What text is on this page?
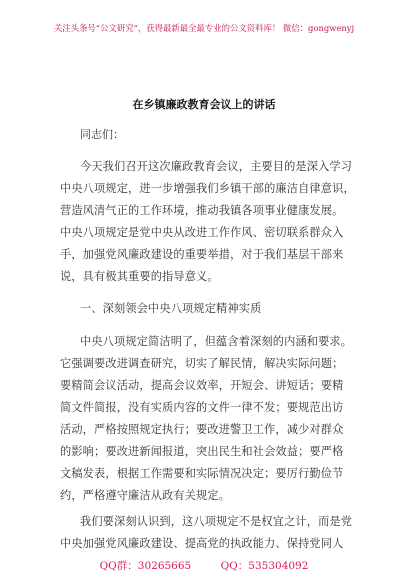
关注头条号“公文研究”，获得最新最全最专业的公文资料库！ 微信：gongwenyj
在乡镇廉政教育会议上的讲话
同志们：
今天我们召开这次廉政教育会议，主要目的是深入学习
中央八项规定，进一步增强我们乡镇干部的廉洁自律意识，
营造风清气正的工作环境，推动我镇各项事业健康发展。
中央八项规定是党中央从改进工作作风、密切联系群众入
手，加强党风廉政建设的重要举措，对于我们基层干部来
说，具有极其重要的指导意义。
一、深刻领会中央八项规定精神实质
中央八项规定简洁明了，但蕴含着深刻的内涵和要求。
它强调要改进调查研究，切实了解民情，解决实际问题；
要精简会议活动，提高会议效率，开短会、讲短话；要精
简文件简报，没有实质内容的文件一律不发；要规范出访
活动，严格按照规定执行；要改进警卫工作，减少对群众
的影响；要改进新闻报道，突出民生和社会效益；要严格
文稿发表，根据工作需要和实际情况决定；要厉行勤俭节
约，严格遵守廉洁从政有关规定。
我们要深刻认识到，这八项规定不是权宜之计，而是党
中央加强党风廉政建设、提高党的执政能力、保持党同人
QQ群：30265665	QQ：535304092
